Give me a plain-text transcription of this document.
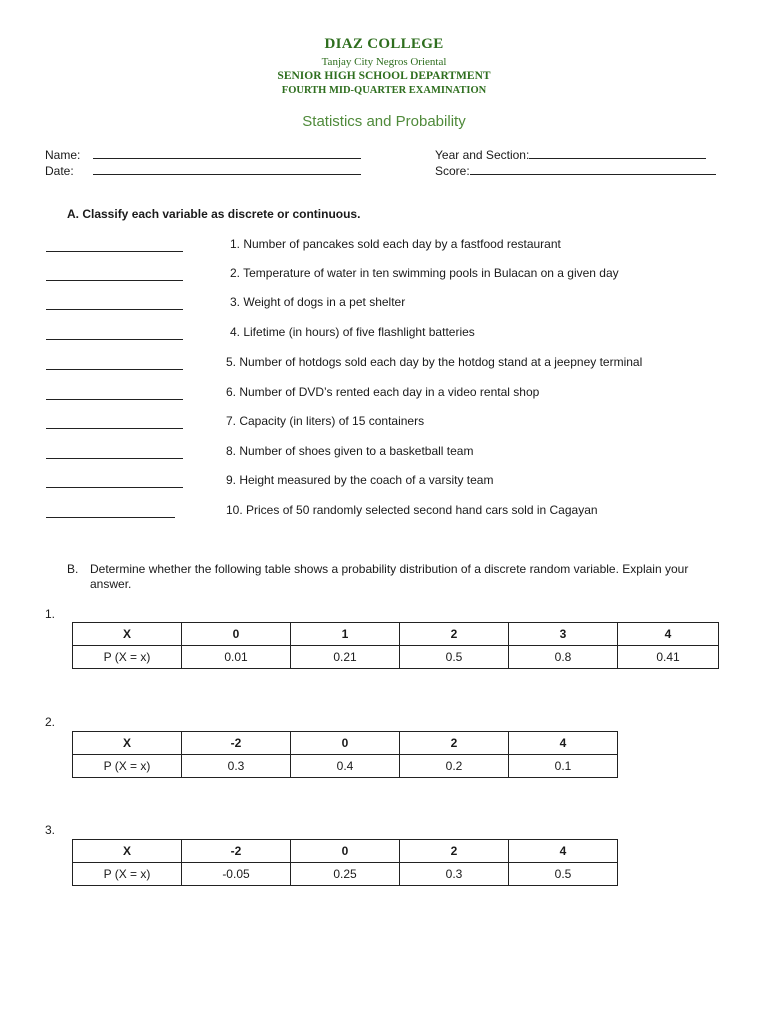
DIAZ COLLEGE
Tanjay City Negros Oriental
SENIOR HIGH SCHOOL DEPARTMENT
FOURTH MID-QUARTER EXAMINATION
Statistics and Probability
Name:
Date:
Year and Section:
Score:
A. Classify each variable as discrete or continuous.
1. Number of pancakes sold each day by a fastfood restaurant
2. Temperature of water in ten swimming pools in Bulacan on a given day
3. Weight of dogs in a pet shelter
4. Lifetime (in hours) of five flashlight batteries
5. Number of hotdogs sold each day by the hotdog stand at a jeepney terminal
6. Number of DVD’s rented each day in a video rental shop
7. Capacity (in liters) of 15 containers
8. Number of shoes given to a basketball team
9. Height measured by the coach of a varsity team
10. Prices of 50 randomly selected second hand cars sold in Cagayan
B. Determine whether the following table shows a probability distribution of a discrete random variable. Explain your answer.
1.
X	0	1	2	3	4
P (X = x)	0.01	0.21	0.5	0.8	0.41
2.
X	-2	0	2	4
P (X = x)	0.3	0.4	0.2	0.1
3.
X	-2	0	2	4
P (X = x)	-0.05	0.25	0.3	0.5
